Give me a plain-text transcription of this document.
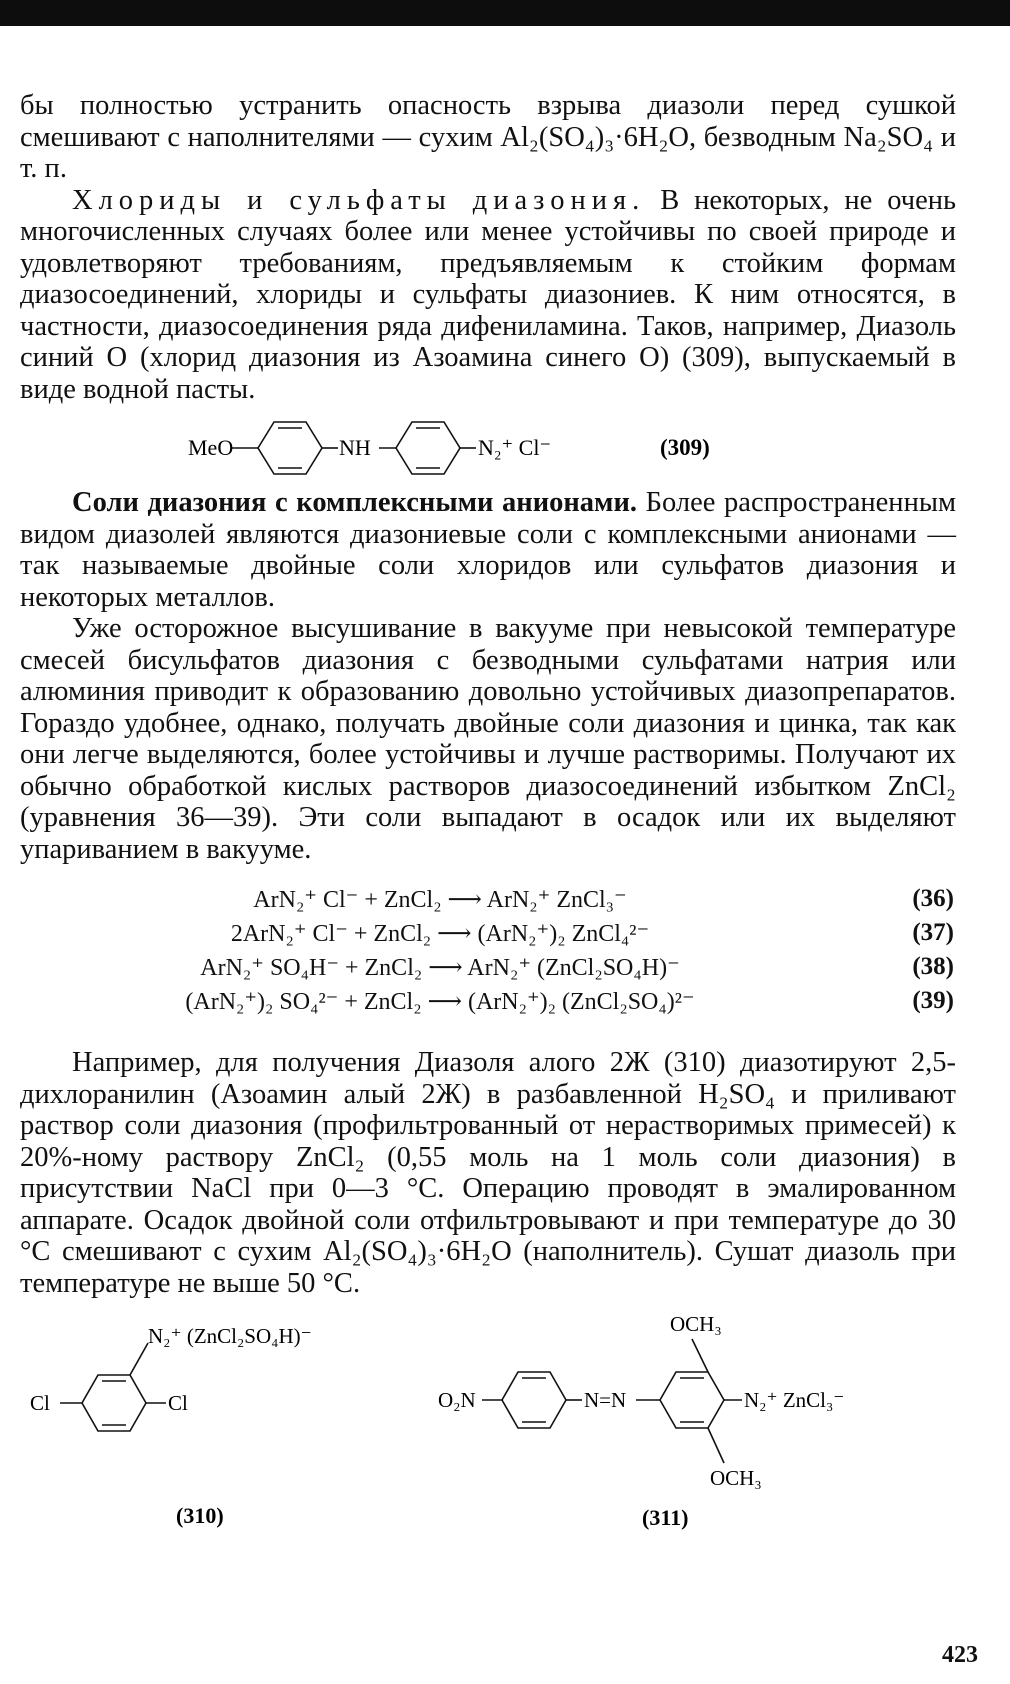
бы полностью устранить опасность взрыва диазоли перед сушкой смешивают с наполнителями — сухим Al₂(SO₄)₃·6H₂O, безводным Na₂SO₄ и т. п.

Хлориды и сульфаты диазония. В некоторых, не очень многочисленных случаях более или менее устойчивы по своей природе и удовлетворяют требованиям, предъявляемым к стойким формам диазосоединений, хлориды и сульфаты диазониев. К ним относятся, в частности, диазосоединения ряда дифениламина. Таков, например, Диазоль синий О (хлорид диазония из Азоамина синего О) (309), выпускаемый в виде водной пасты.

MeO	NH	N₂⁺ Cl⁻	(309)

Соли диазония с комплексными анионами. Более распространенным видом диазолей являются диазониевые соли с комплексными анионами — так называемые двойные соли хлоридов или сульфатов диазония и некоторых металлов.

Уже осторожное высушивание в вакууме при невысокой температуре смесей бисульфатов диазония с безводными сульфатами натрия или алюминия приводит к образованию довольно устойчивых диазопрепаратов. Гораздо удобнее, однако, получать двойные соли диазония и цинка, так как они легче выделяются, более устойчивы и лучше растворимы. Получают их обычно обработкой кислых растворов диазосоединений избытком ZnCl₂ (уравнения 36—39). Эти соли выпадают в осадок или их выделяют упариванием в вакууме.

ArN₂⁺ Cl⁻ + ZnCl₂ ⟶ ArN₂⁺ ZnCl₃⁻	(36)
2ArN₂⁺ Cl⁻ + ZnCl₂ ⟶ (ArN₂⁺)₂ ZnCl₄²⁻	(37)
ArN₂⁺ SO₄H⁻ + ZnCl₂ ⟶ ArN₂⁺ (ZnCl₂SO₄H)⁻	(38)
(ArN₂⁺)₂ SO₄²⁻ + ZnCl₂ ⟶ (ArN₂⁺)₂ (ZnCl₂SO₄)²⁻	(39)

Например, для получения Диазоля алого 2Ж (310) диазотируют 2,5-дихлоранилин (Азоамин алый 2Ж) в разбавленной H₂SO₄ и приливают раствор соли диазония (профильтрованный от нерастворимых примесей) к 20%-ному раствору ZnCl₂ (0,55 моль на 1 моль соли диазония) в присутствии NaCl при 0—3 °С. Операцию проводят в эмалированном аппарате. Осадок двойной соли отфильтровывают и при температуре до 30 °С смешивают с сухим Al₂(SO₄)₃·6H₂O (наполнитель). Сушат диазоль при температуре не выше 50 °С.

N₂⁺ (ZnCl₂SO₄H)⁻
Cl	Cl
(310)
O₂N	N=N
OCH₃
OCH₃
N₂⁺ ZnCl₃⁻
(311)
423
